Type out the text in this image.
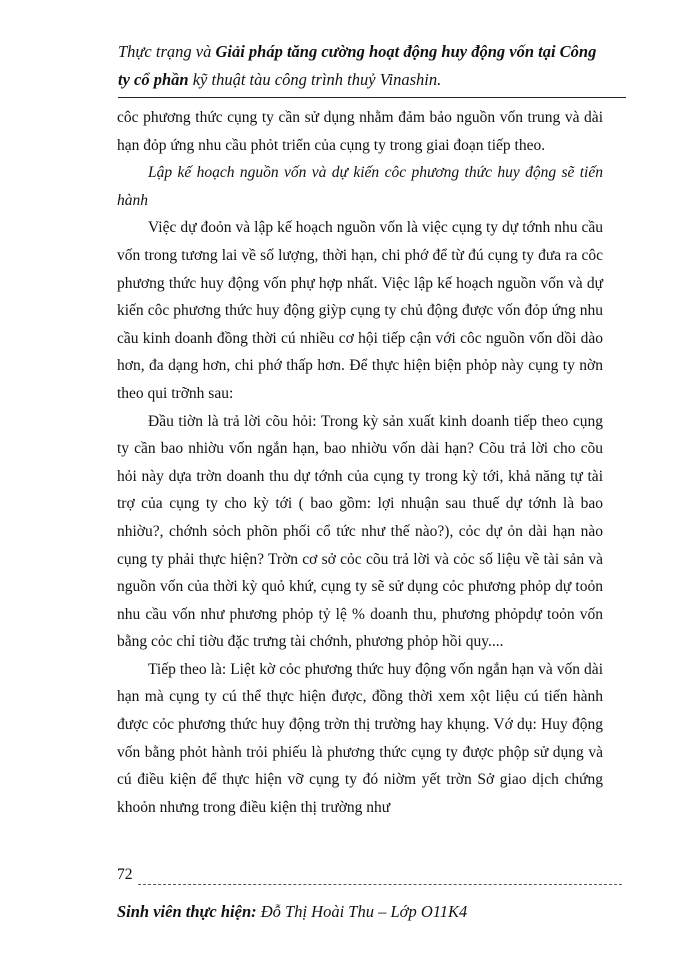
Thực trạng và Giải pháp tăng cường hoạt động huy động vốn tại Công
ty cổ phần kỹ thuật tàu công trình thuỷ Vinashin.

côc phương thức cụng ty cần sử dụng nhằm đảm bảo nguồn vốn trung và dài hạn đỏp ứng nhu cầu phỏt triển của cụng ty trong giai đoạn tiếp theo.

Lập kế hoạch nguồn vốn và dự kiến côc phương thức huy động sẽ tiến hành

Việc dự đoỏn và lập kế hoạch nguồn vốn là việc cụng ty dự tớnh nhu cầu vốn trong tương lai về số lượng, thời hạn, chi phớ để từ đú cụng ty đưa ra côc phương thức huy động vốn phự hợp nhất. Việc lập kế hoạch nguồn vốn và dự kiến côc phương thức huy động giỳp cụng ty chủ động được vốn đỏp ứng nhu cầu kinh doanh đồng thời cú nhiều cơ hội tiếp cận với côc nguồn vốn dồi dào hơn, đa dạng hơn, chi phớ thấp hơn. Để thực hiện biện phỏp này cụng ty nờn theo qui trỡnh sau:

Đầu tiờn là trả lời cõu hỏi: Trong kỳ sản xuất kinh doanh tiếp theo cụng ty cần bao nhiờu vốn ngắn hạn, bao nhiờu vốn dài hạn? Cõu trả lời cho cõu hỏi này dựa trờn doanh thu dự tớnh của cụng ty trong kỳ tới, khả năng tự tài trợ của cụng ty cho kỳ tới ( bao gồm: lợi nhuận sau thuế dự tớnh là bao nhiờu?, chớnh sỏch phõn phối cổ tức như thế nào?), cỏc dự ỏn dài hạn nào cụng ty phải thực hiện? Trờn cơ sở cỏc cõu trả lời và cỏc số liệu về tài sản và nguồn vốn của thời kỳ quỏ khứ, cụng ty sẽ sử dụng cỏc phương phỏp dự toỏn nhu cầu vốn như phương phỏp tỷ lệ % doanh thu, phương phỏpdự toỏn vốn bằng cỏc chỉ tiờu đặc trưng tài chớnh, phương phỏp hồi quy....

Tiếp theo là: Liệt kờ cỏc phương thức huy động vốn ngắn hạn và vốn dài hạn mà cụng ty cú thể thực hiện được, đồng thời xem xột liệu cú tiến hành được cỏc phương thức huy động trờn thị trường hay khụng. Vớ dụ: Huy động vốn bằng phỏt hành trỏi phiếu là phương thức cụng ty được phộp sử dụng và cú điều kiện để thực hiện vỡ cụng ty đó niờm yết trờn Sở giao dịch chứng khoỏn nhưng trong điều kiện thị trường như

72
Sinh viên thực hiện: Đỗ Thị Hoài Thu – Lớp O11K4
